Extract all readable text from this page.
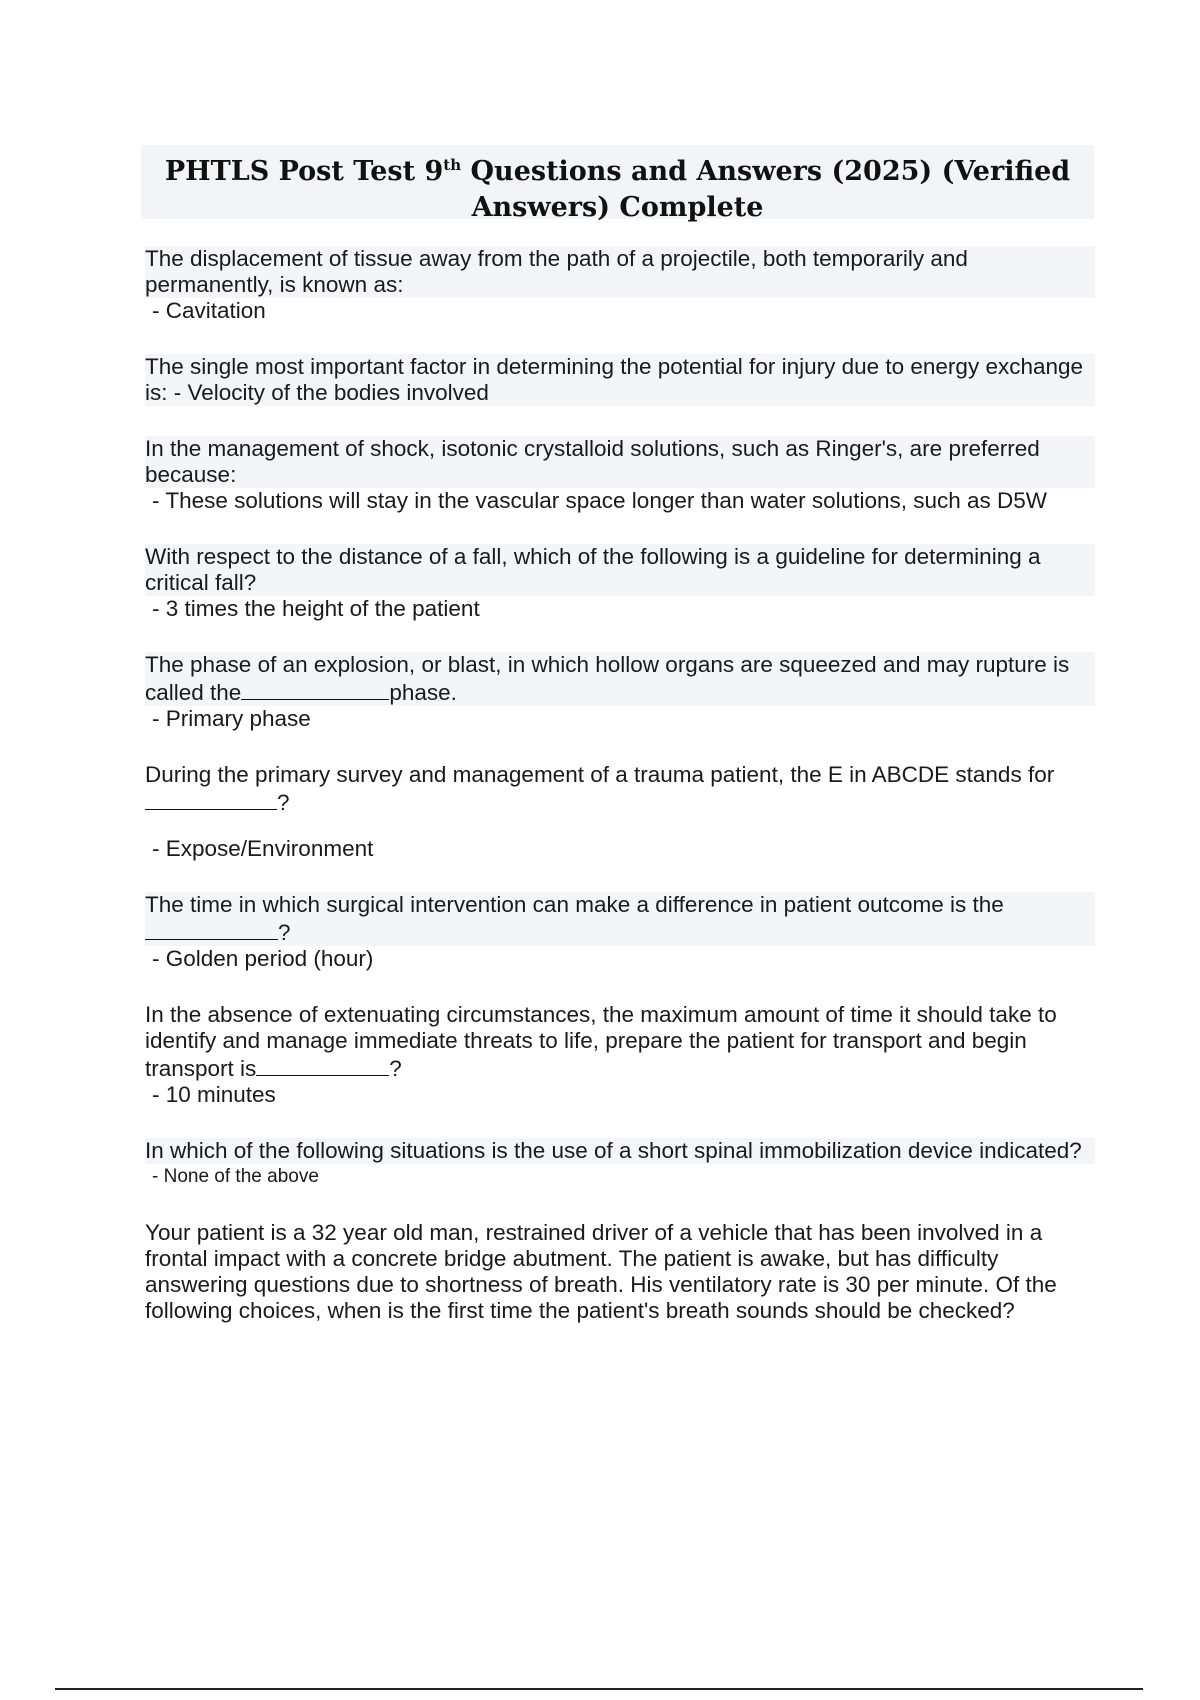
PHTLS Post Test 9th Questions and Answers (2025) (Verified
Answers) Complete
The displacement of tissue away from the path of a projectile, both temporarily and permanently, is known as:
- Cavitation
The single most important factor in determining the potential for injury due to energy exchange is: - Velocity of the bodies involved
In the management of shock, isotonic crystalloid solutions, such as Ringer's, are preferred because:
- These solutions will stay in the vascular space longer than water solutions, such as D5W
With respect to the distance of a fall, which of the following is a guideline for determining a critical fall?
- 3 times the height of the patient
The phase of an explosion, or blast, in which hollow organs are squeezed and may rupture is called the	phase.
- Primary phase
During the primary survey and management of a trauma patient, the E in ABCDE stands for?
- Expose/Environment
The time in which surgical intervention can make a difference in patient outcome is the ?
- Golden period (hour)
In the absence of extenuating circumstances, the maximum amount of time it should take to identify and manage immediate threats to life, prepare the patient for transport and begin transport is	?
- 10 minutes
In which of the following situations is the use of a short spinal immobilization device indicated?
- None of the above
Your patient is a 32 year old man, restrained driver of a vehicle that has been involved in a frontal impact with a concrete bridge abutment. The patient is awake, but has difficulty answering questions due to shortness of breath. His ventilatory rate is 30 per minute. Of the following choices, when is the first time the patient's breath sounds should be checked?
